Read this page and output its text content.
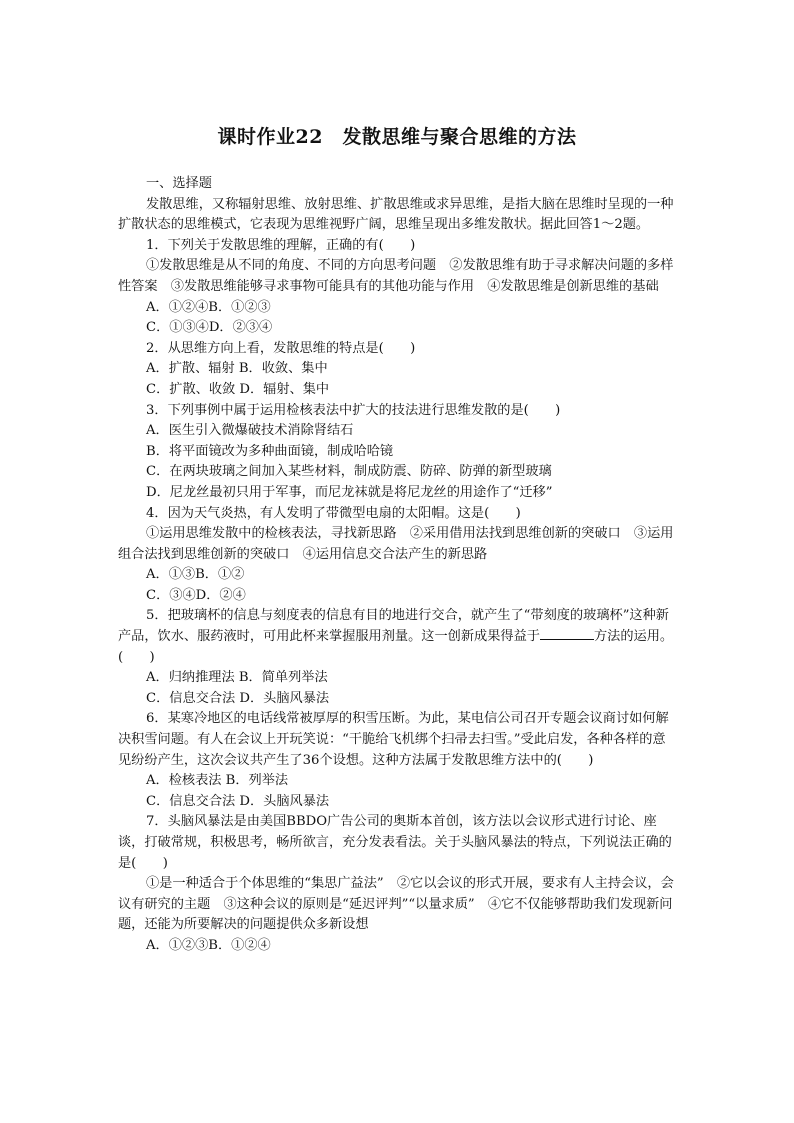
课时作业22　发散思维与聚合思维的方法

一、选择题

发散思维，又称辐射思维、放射思维、扩散思维或求异思维，是指大脑在思维时呈现的一种扩散状态的思维模式，它表现为思维视野广阔，思维呈现出多维发散状。据此回答1～2题。

1．下列关于发散思维的理解，正确的有(　　)

①发散思维是从不同的角度、不同的方向思考问题　②发散思维有助于寻求解决问题的多样性答案　③发散思维能够寻求事物可能具有的其他功能与作用　④发散思维是创新思维的基础

A．①②④B．①②③

C．①③④D．②③④

2．从思维方向上看，发散思维的特点是(　　)

A．扩散、辐射 B．收敛、集中

C．扩散、收敛 D．辐射、集中

3．下列事例中属于运用检核表法中扩大的技法进行思维发散的是(　　)

A．医生引入微爆破技术消除肾结石

B．将平面镜改为多种曲面镜，制成哈哈镜

C．在两块玻璃之间加入某些材料，制成防震、防碎、防弹的新型玻璃

D．尼龙丝最初只用于军事，而尼龙袜就是将尼龙丝的用途作了“迁移”

4．因为天气炎热，有人发明了带微型电扇的太阳帽。这是(　　)

①运用思维发散中的检核表法，寻找新思路　②采用借用法找到思维创新的突破口　③运用组合法找到思维创新的突破口　④运用信息交合法产生的新思路

A．①③B．①②

C．③④D．②④

5．把玻璃杯的信息与刻度表的信息有目的地进行交合，就产生了“带刻度的玻璃杯”这种新产品，饮水、服药液时，可用此杯来掌握服用剂量。这一创新成果得益于	方法的运用。(　　)

A．归纳推理法 B．简单列举法

C．信息交合法 D．头脑风暴法

6．某寒冷地区的电话线常被厚厚的积雪压断。为此，某电信公司召开专题会议商讨如何解决积雪问题。有人在会议上开玩笑说：“干脆给飞机绑个扫帚去扫雪。”受此启发，各种各样的意见纷纷产生，这次会议共产生了36个设想。这种方法属于发散思维方法中的(　　)

A．检核表法 B．列举法

C．信息交合法 D．头脑风暴法

7．头脑风暴法是由美国BBDO广告公司的奥斯本首创，该方法以会议形式进行讨论、座谈，打破常规，积极思考，畅所欲言，充分发表看法。关于头脑风暴法的特点，下列说法正确的是(　　)

①是一种适合于个体思维的“集思广益法”　②它以会议的形式开展，要求有人主持会议，会议有研究的主题　③这种会议的原则是“延迟评判”“以量求质”　④它不仅能够帮助我们发现新问题，还能为所要解决的问题提供众多新设想

A．①②③B．①②④
